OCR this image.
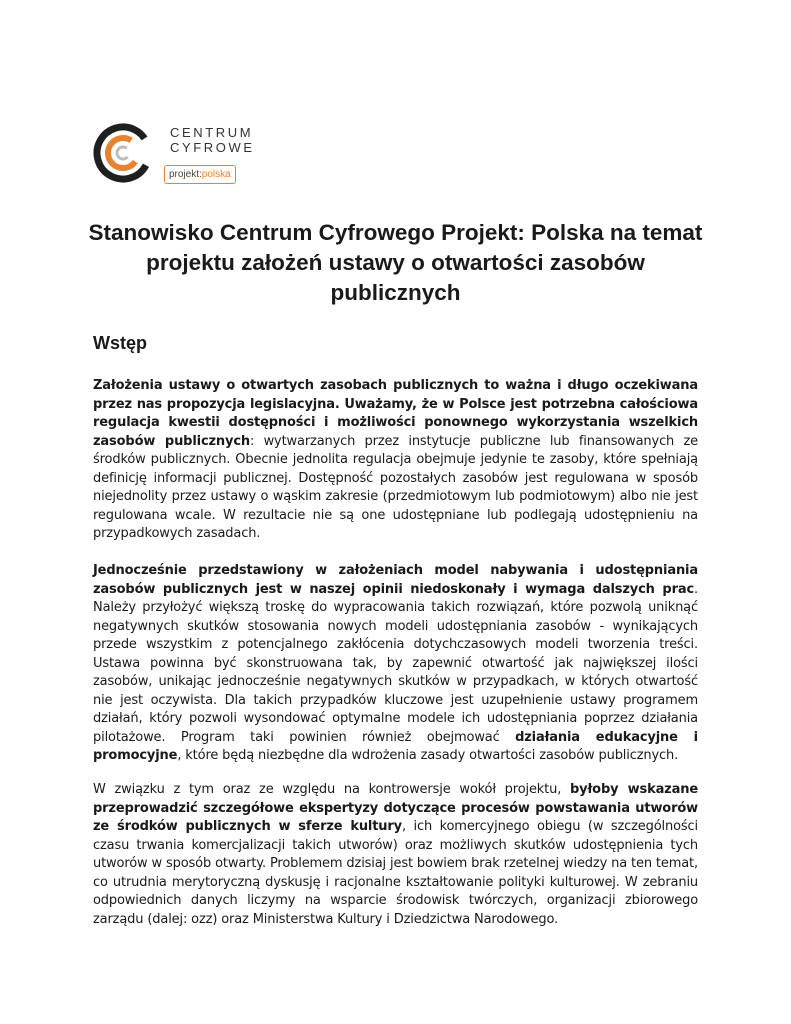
CENTRUM
CYFROWE
projekt:polska
Stanowisko Centrum Cyfrowego Projekt: Polska na temat projektu założeń ustawy o otwartości zasobów publicznych
Wstęp

Założenia ustawy o otwartych zasobach publicznych to ważna i długo oczekiwana przez nas propozycja legislacyjna. Uważamy, że w Polsce jest potrzebna całościowa regulacja kwestii dostępności i możliwości ponownego wykorzystania wszelkich zasobów publicznych: wytwarzanych przez instytucje publiczne lub finansowanych ze środków publicznych. Obecnie jednolita regulacja obejmuje jedynie te zasoby, które spełniają definicję informacji publicznej. Dostępność pozostałych zasobów jest regulowana w sposób niejednolity przez ustawy o wąskim zakresie (przedmiotowym lub podmiotowym) albo nie jest regulowana wcale. W rezultacie nie są one udostępniane lub podlegają udostępnieniu na przypadkowych zasadach.

Jednocześnie przedstawiony w założeniach model nabywania i udostępniania zasobów publicznych jest w naszej opinii niedoskonały i wymaga dalszych prac. Należy przyłożyć większą troskę do wypracowania takich rozwiązań, które pozwolą uniknąć negatywnych skutków stosowania nowych modeli udostępniania zasobów - wynikających przede wszystkim z potencjalnego zakłócenia dotychczasowych modeli tworzenia treści. Ustawa powinna być skonstruowana tak, by zapewnić otwartość jak największej ilości zasobów, unikając jednocześnie negatywnych skutków w przypadkach, w których otwartość nie jest oczywista. Dla takich przypadków kluczowe jest uzupełnienie ustawy programem działań, który pozwoli wysondować optymalne modele ich udostępniania poprzez działania pilotażowe. Program taki powinien również obejmować działania edukacyjne i promocyjne, które będą niezbędne dla wdrożenia zasady otwartości zasobów publicznych.

W związku z tym oraz ze względu na kontrowersje wokół projektu, byłoby wskazane przeprowadzić szczegółowe ekspertyzy dotyczące procesów powstawania utworów ze środków publicznych w sferze kultury, ich komercyjnego obiegu (w szczególności czasu trwania komercjalizacji takich utworów) oraz możliwych skutków udostępnienia tych utworów w sposób otwarty. Problemem dzisiaj jest bowiem brak rzetelnej wiedzy na ten temat, co utrudnia merytoryczną dyskusję i racjonalne kształtowanie polityki kulturowej. W zebraniu odpowiednich danych liczymy na wsparcie środowisk twórczych, organizacji zbiorowego zarządu (dalej: ozz) oraz Ministerstwa Kultury i Dziedzictwa Narodowego.
